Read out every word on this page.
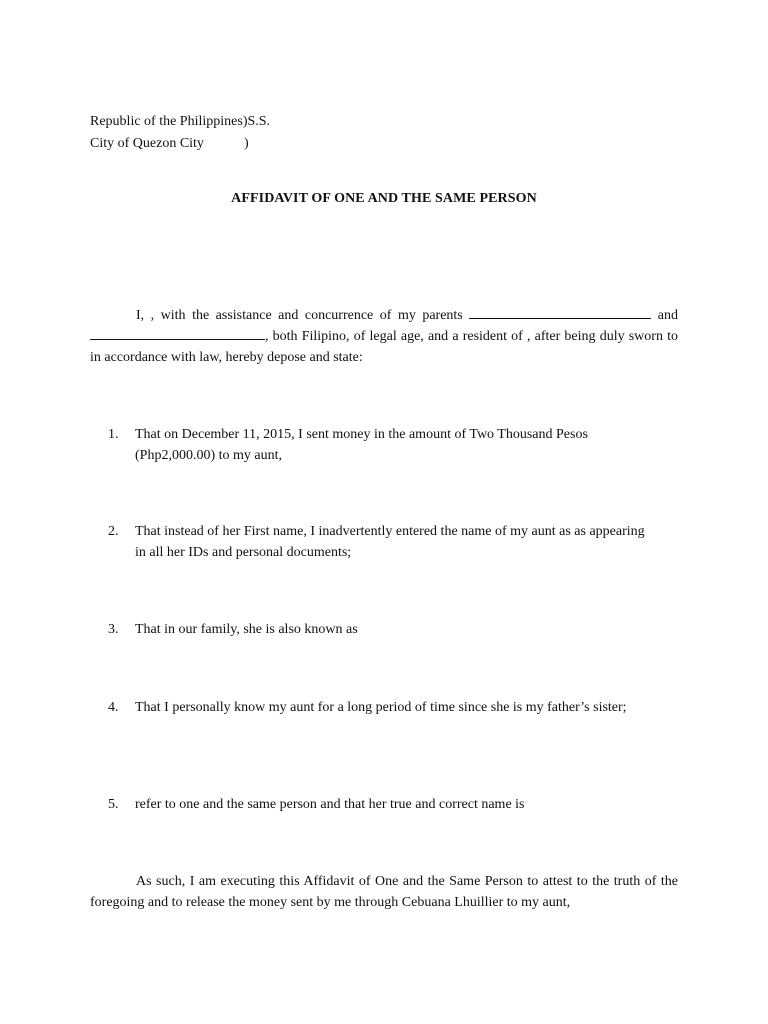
Republic of the Philippines)S.S.
City of Quezon City	)
AFFIDAVIT OF ONE AND THE SAME PERSON
I, , with the assistance and concurrence of my parents	and , both Filipino, of legal age, and a resident of , after being duly sworn to in accordance with law, hereby depose and state:
1.	That on December 11, 2015, I sent money in the amount of Two Thousand Pesos (Php2,000.00) to my aunt,
2.	That instead of her First name, I inadvertently entered the name of my aunt as as appearing in all her IDs and personal documents;
3.	That in our family, she is also known as
4.	That I personally know my aunt for a long period of time since she is my father’s sister;
5.	refer to one and the same person and that her true and correct name is
As such, I am executing this Affidavit of One and the Same Person to attest to the truth of the foregoing and to release the money sent by me through Cebuana Lhuillier to my aunt,
